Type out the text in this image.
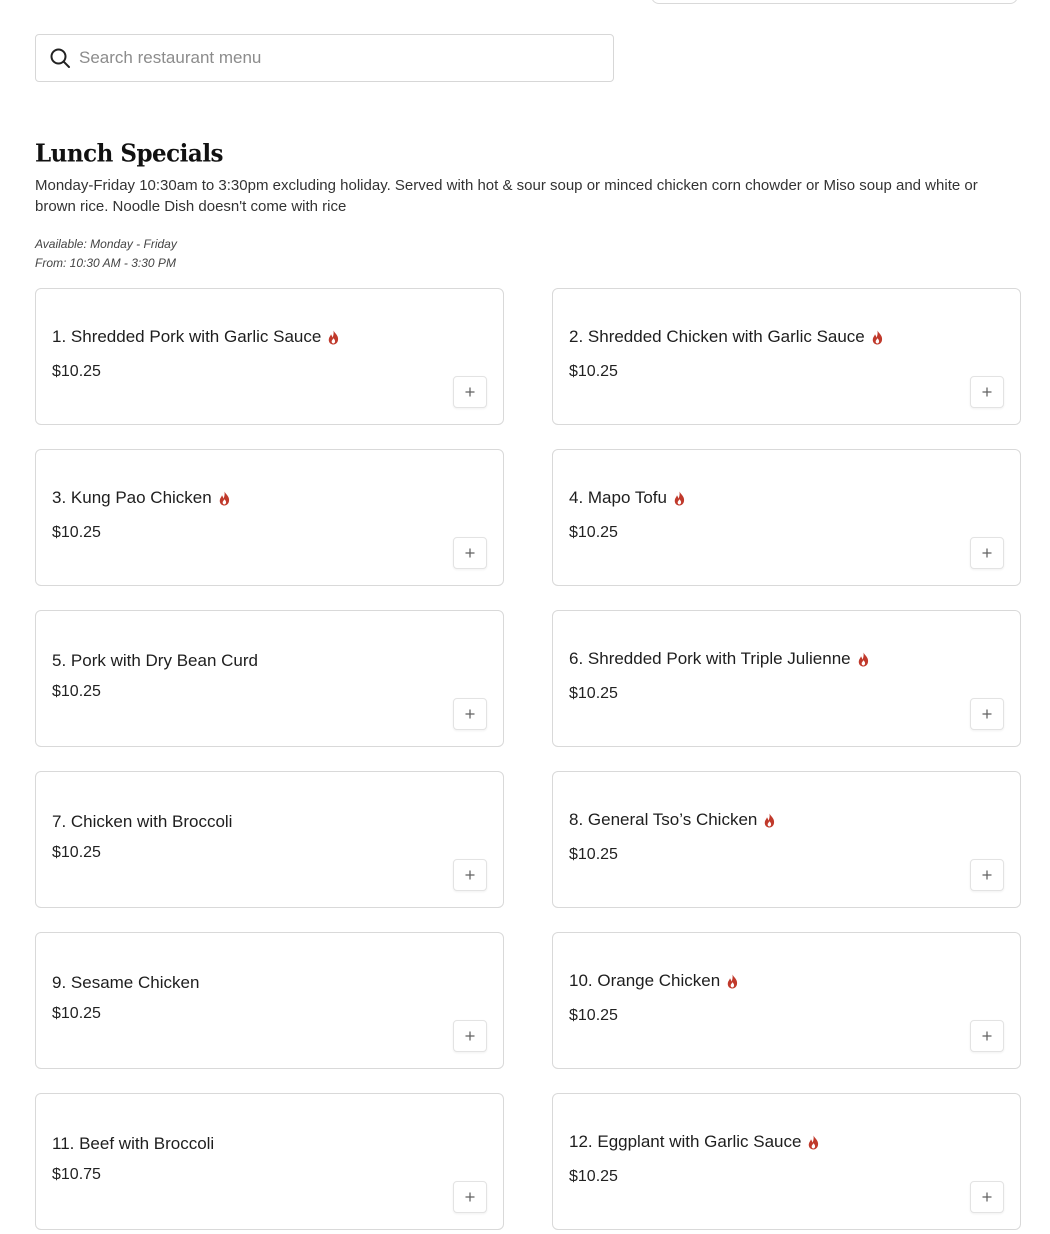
Search restaurant menu
Lunch Specials

Monday-Friday 10:30am to 3:30pm excluding holiday. Served with hot & sour soup or minced chicken corn chowder or Miso soup and white or brown rice. Noodle Dish doesn't come with rice

Available: Monday - Friday
From: 10:30 AM - 3:30 PM
1. Shredded Pork with Garlic Sauce
$10.25
2. Shredded Chicken with Garlic Sauce
$10.25
3. Kung Pao Chicken
$10.25
4. Mapo Tofu
$10.25
5. Pork with Dry Bean Curd
$10.25
6. Shredded Pork with Triple Julienne
$10.25
7. Chicken with Broccoli
$10.25
8. General Tso’s Chicken
$10.25
9. Sesame Chicken
$10.25
10. Orange Chicken
$10.25
11. Beef with Broccoli
$10.75
12. Eggplant with Garlic Sauce
$10.25
